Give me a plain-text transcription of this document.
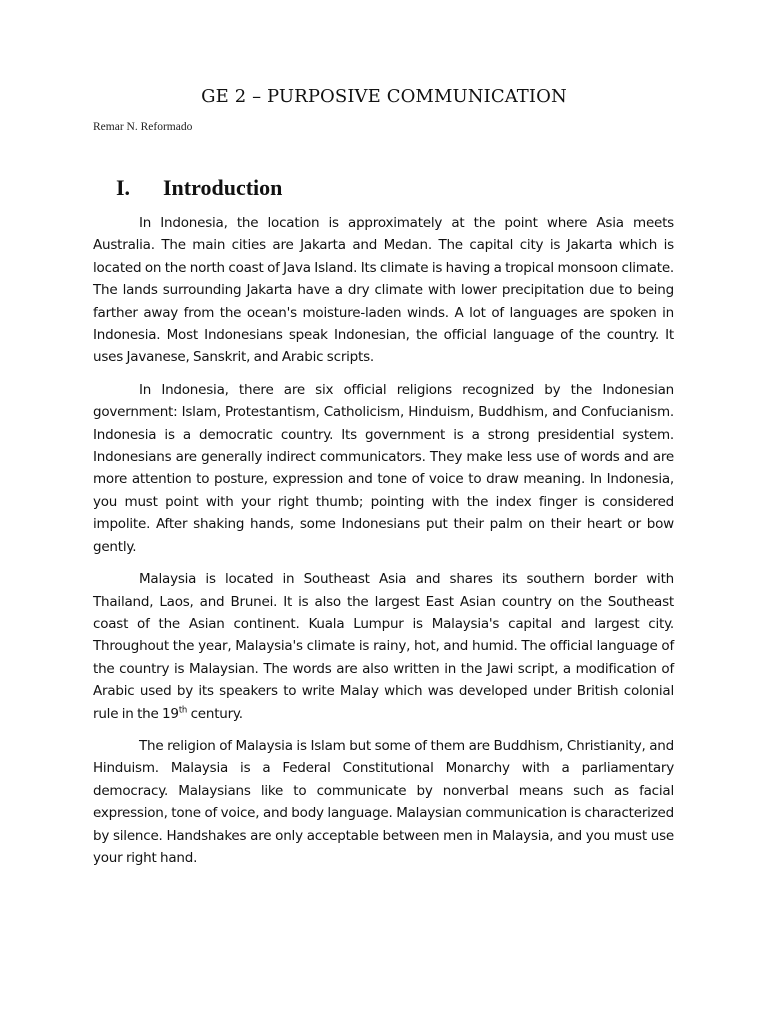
GE 2 – PURPOSIVE COMMUNICATION

Remar N. Reformado

I. Introduction

In Indonesia, the location is approximately at the point where Asia meets Australia. The main cities are Jakarta and Medan. The capital city is Jakarta which is located on the north coast of Java Island. Its climate is having a tropical monsoon climate. The lands surrounding Jakarta have a dry climate with lower precipitation due to being farther away from the ocean's moisture-laden winds. A lot of languages are spoken in Indonesia. Most Indonesians speak Indonesian, the official language of the country. It uses Javanese, Sanskrit, and Arabic scripts.

In Indonesia, there are six official religions recognized by the Indonesian government: Islam, Protestantism, Catholicism, Hinduism, Buddhism, and Confucianism. Indonesia is a democratic country. Its government is a strong presidential system. Indonesians are generally indirect communicators. They make less use of words and are more attention to posture, expression and tone of voice to draw meaning. In Indonesia, you must point with your right thumb; pointing with the index finger is considered impolite. After shaking hands, some Indonesians put their palm on their heart or bow gently.

Malaysia is located in Southeast Asia and shares its southern border with Thailand, Laos, and Brunei. It is also the largest East Asian country on the Southeast coast of the Asian continent. Kuala Lumpur is Malaysia's capital and largest city. Throughout the year, Malaysia's climate is rainy, hot, and humid. The official language of the country is Malaysian. The words are also written in the Jawi script, a modification of Arabic used by its speakers to write Malay which was developed under British colonial rule in the 19th century.

The religion of Malaysia is Islam but some of them are Buddhism, Christianity, and Hinduism. Malaysia is a Federal Constitutional Monarchy with a parliamentary democracy. Malaysians like to communicate by nonverbal means such as facial expression, tone of voice, and body language. Malaysian communication is characterized by silence. Handshakes are only acceptable between men in Malaysia, and you must use your right hand.
